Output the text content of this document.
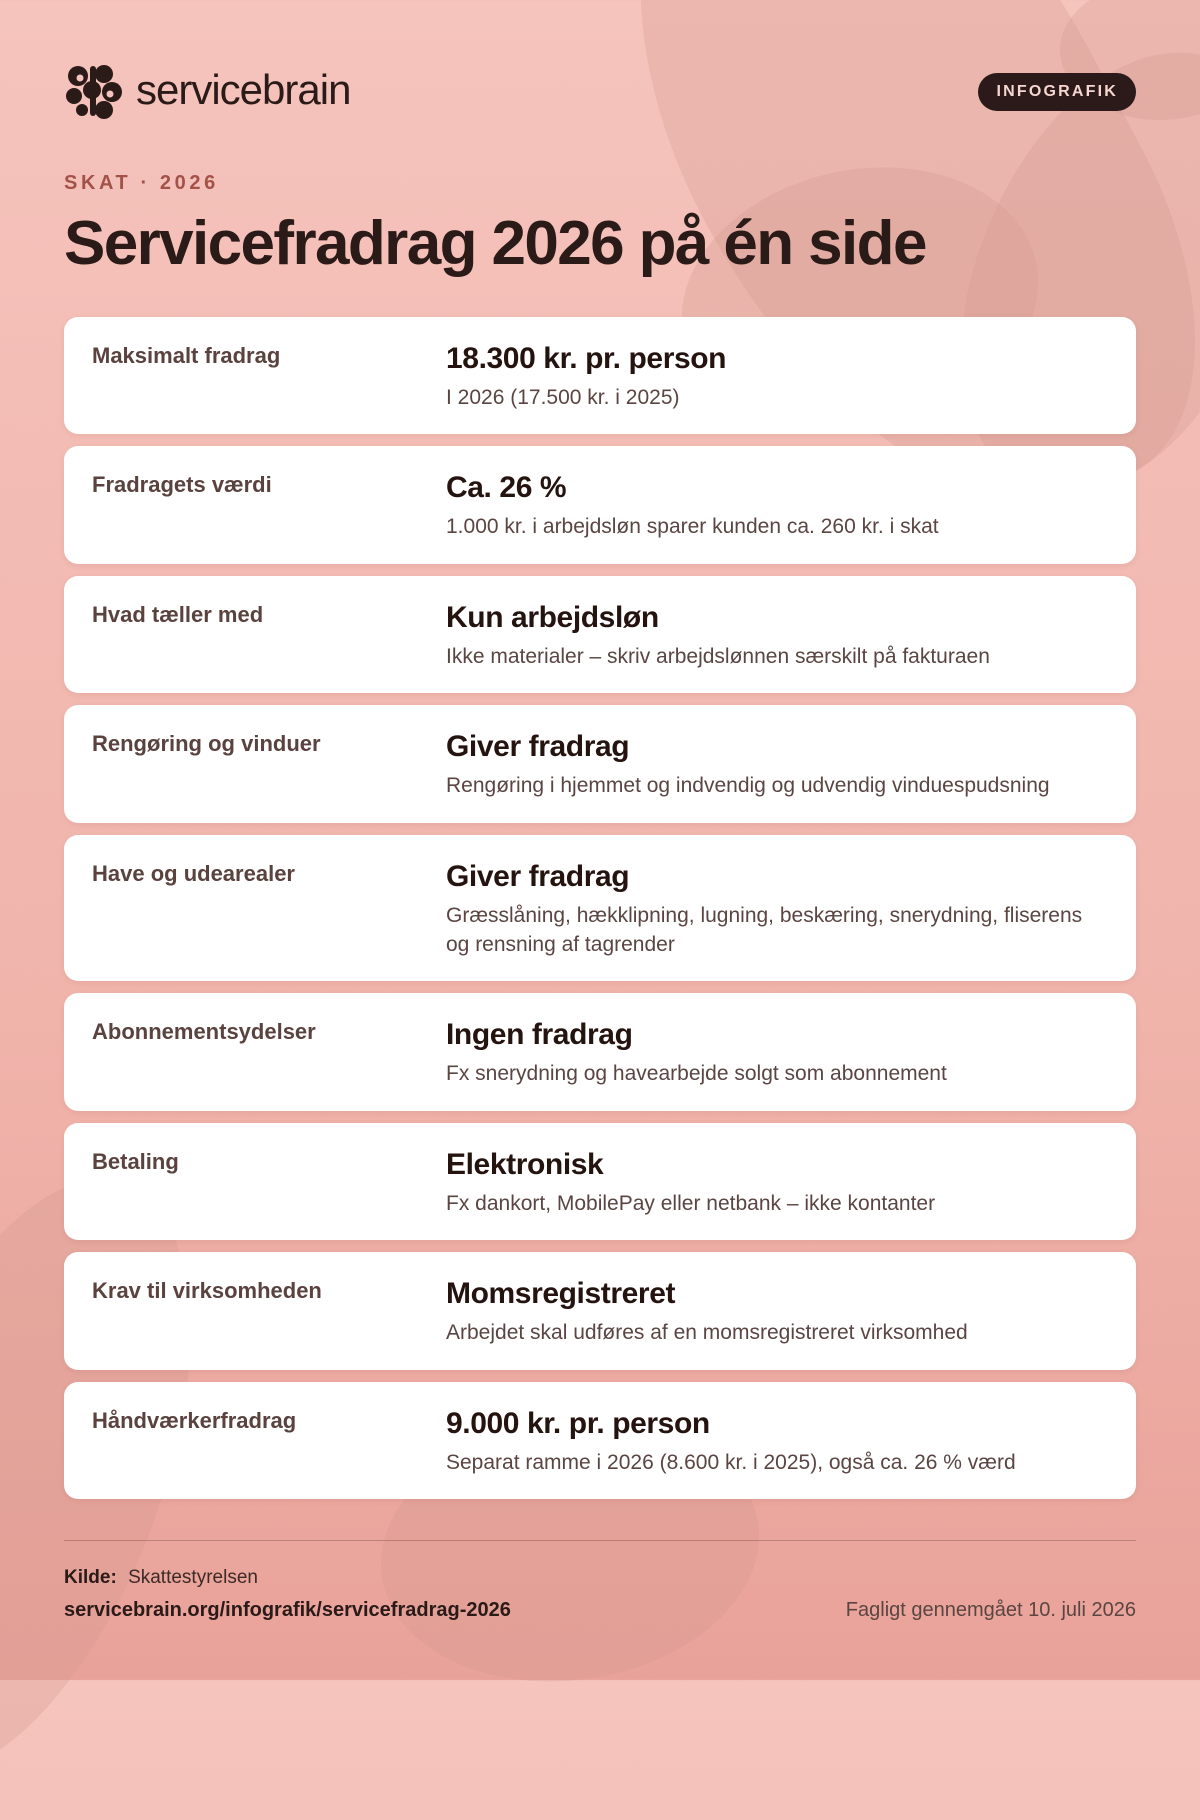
servicebrain	INFOGRAFIK
SKAT · 2026
Servicefradrag 2026 på én side
Maksimalt fradrag	18.300 kr. pr. person
I 2026 (17.500 kr. i 2025)
Fradragets værdi	Ca. 26 %
1.000 kr. i arbejdsløn sparer kunden ca. 260 kr. i skat
Hvad tæller med	Kun arbejdsløn
Ikke materialer – skriv arbejdslønnen særskilt på fakturaen
Rengøring og vinduer	Giver fradrag
Rengøring i hjemmet og indvendig og udvendig vinduespudsning
Have og udearealer	Giver fradrag
Græsslåning, hækklipning, lugning, beskæring, snerydning, fliserens og rensning af tagrender
Abonnementsydelser	Ingen fradrag
Fx snerydning og havearbejde solgt som abonnement
Betaling	Elektronisk
Fx dankort, MobilePay eller netbank – ikke kontanter
Krav til virksomheden	Momsregistreret
Arbejdet skal udføres af en momsregistreret virksomhed
Håndværkerfradrag	9.000 kr. pr. person
Separat ramme i 2026 (8.600 kr. i 2025), også ca. 26 % værd
Kilde: Skattestyrelsen
servicebrain.org/infografik/servicefradrag-2026	Fagligt gennemgået 10. juli 2026
